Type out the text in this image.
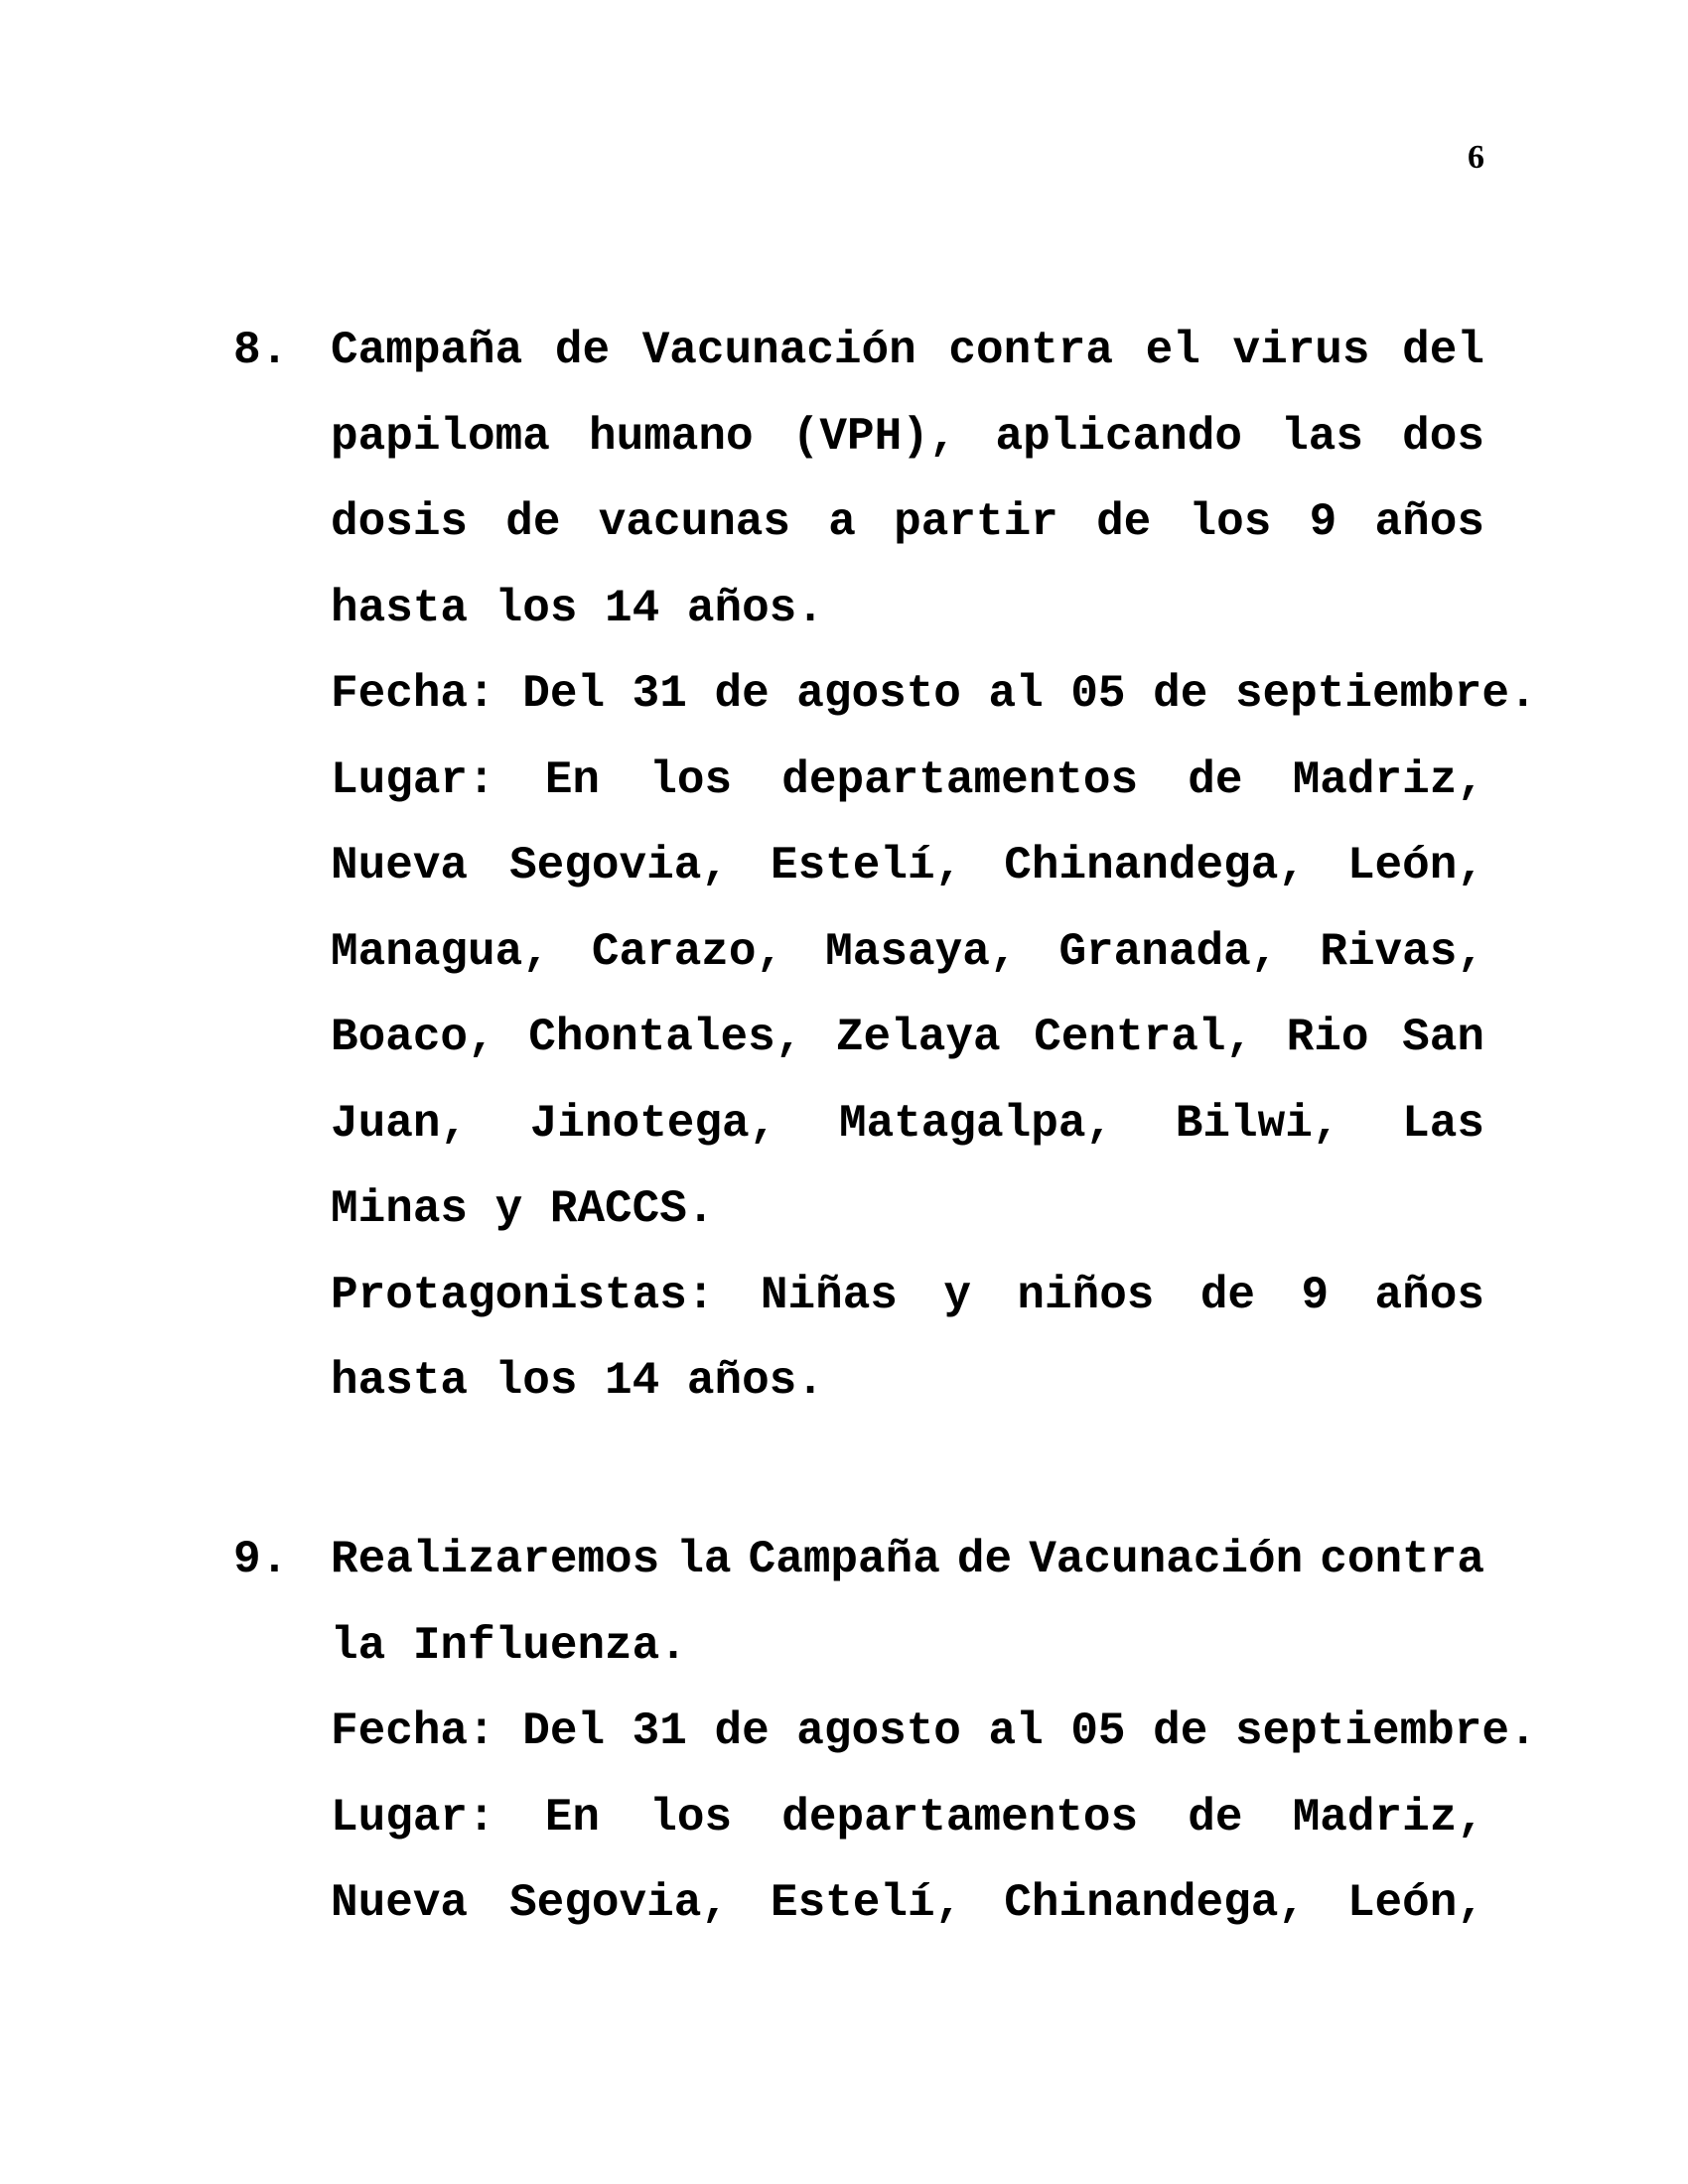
6
8. Campaña de Vacunación contra el virus del
papiloma humano (VPH), aplicando las dos
dosis de vacunas a partir de los 9 años
hasta los 14 años.
Fecha: Del 31 de agosto al 05 de septiembre.
Lugar: En los departamentos de Madriz,
Nueva Segovia, Estelí, Chinandega, León,
Managua, Carazo, Masaya, Granada, Rivas,
Boaco, Chontales, Zelaya Central, Rio San
Juan, Jinotega, Matagalpa, Bilwi, Las
Minas y RACCS.
Protagonistas: Niñas y niños de 9 años
hasta los 14 años.
9. Realizaremos la Campaña de Vacunación contra
la Influenza.
Fecha: Del 31 de agosto al 05 de septiembre.
Lugar: En los departamentos de Madriz,
Nueva Segovia, Estelí, Chinandega, León,
